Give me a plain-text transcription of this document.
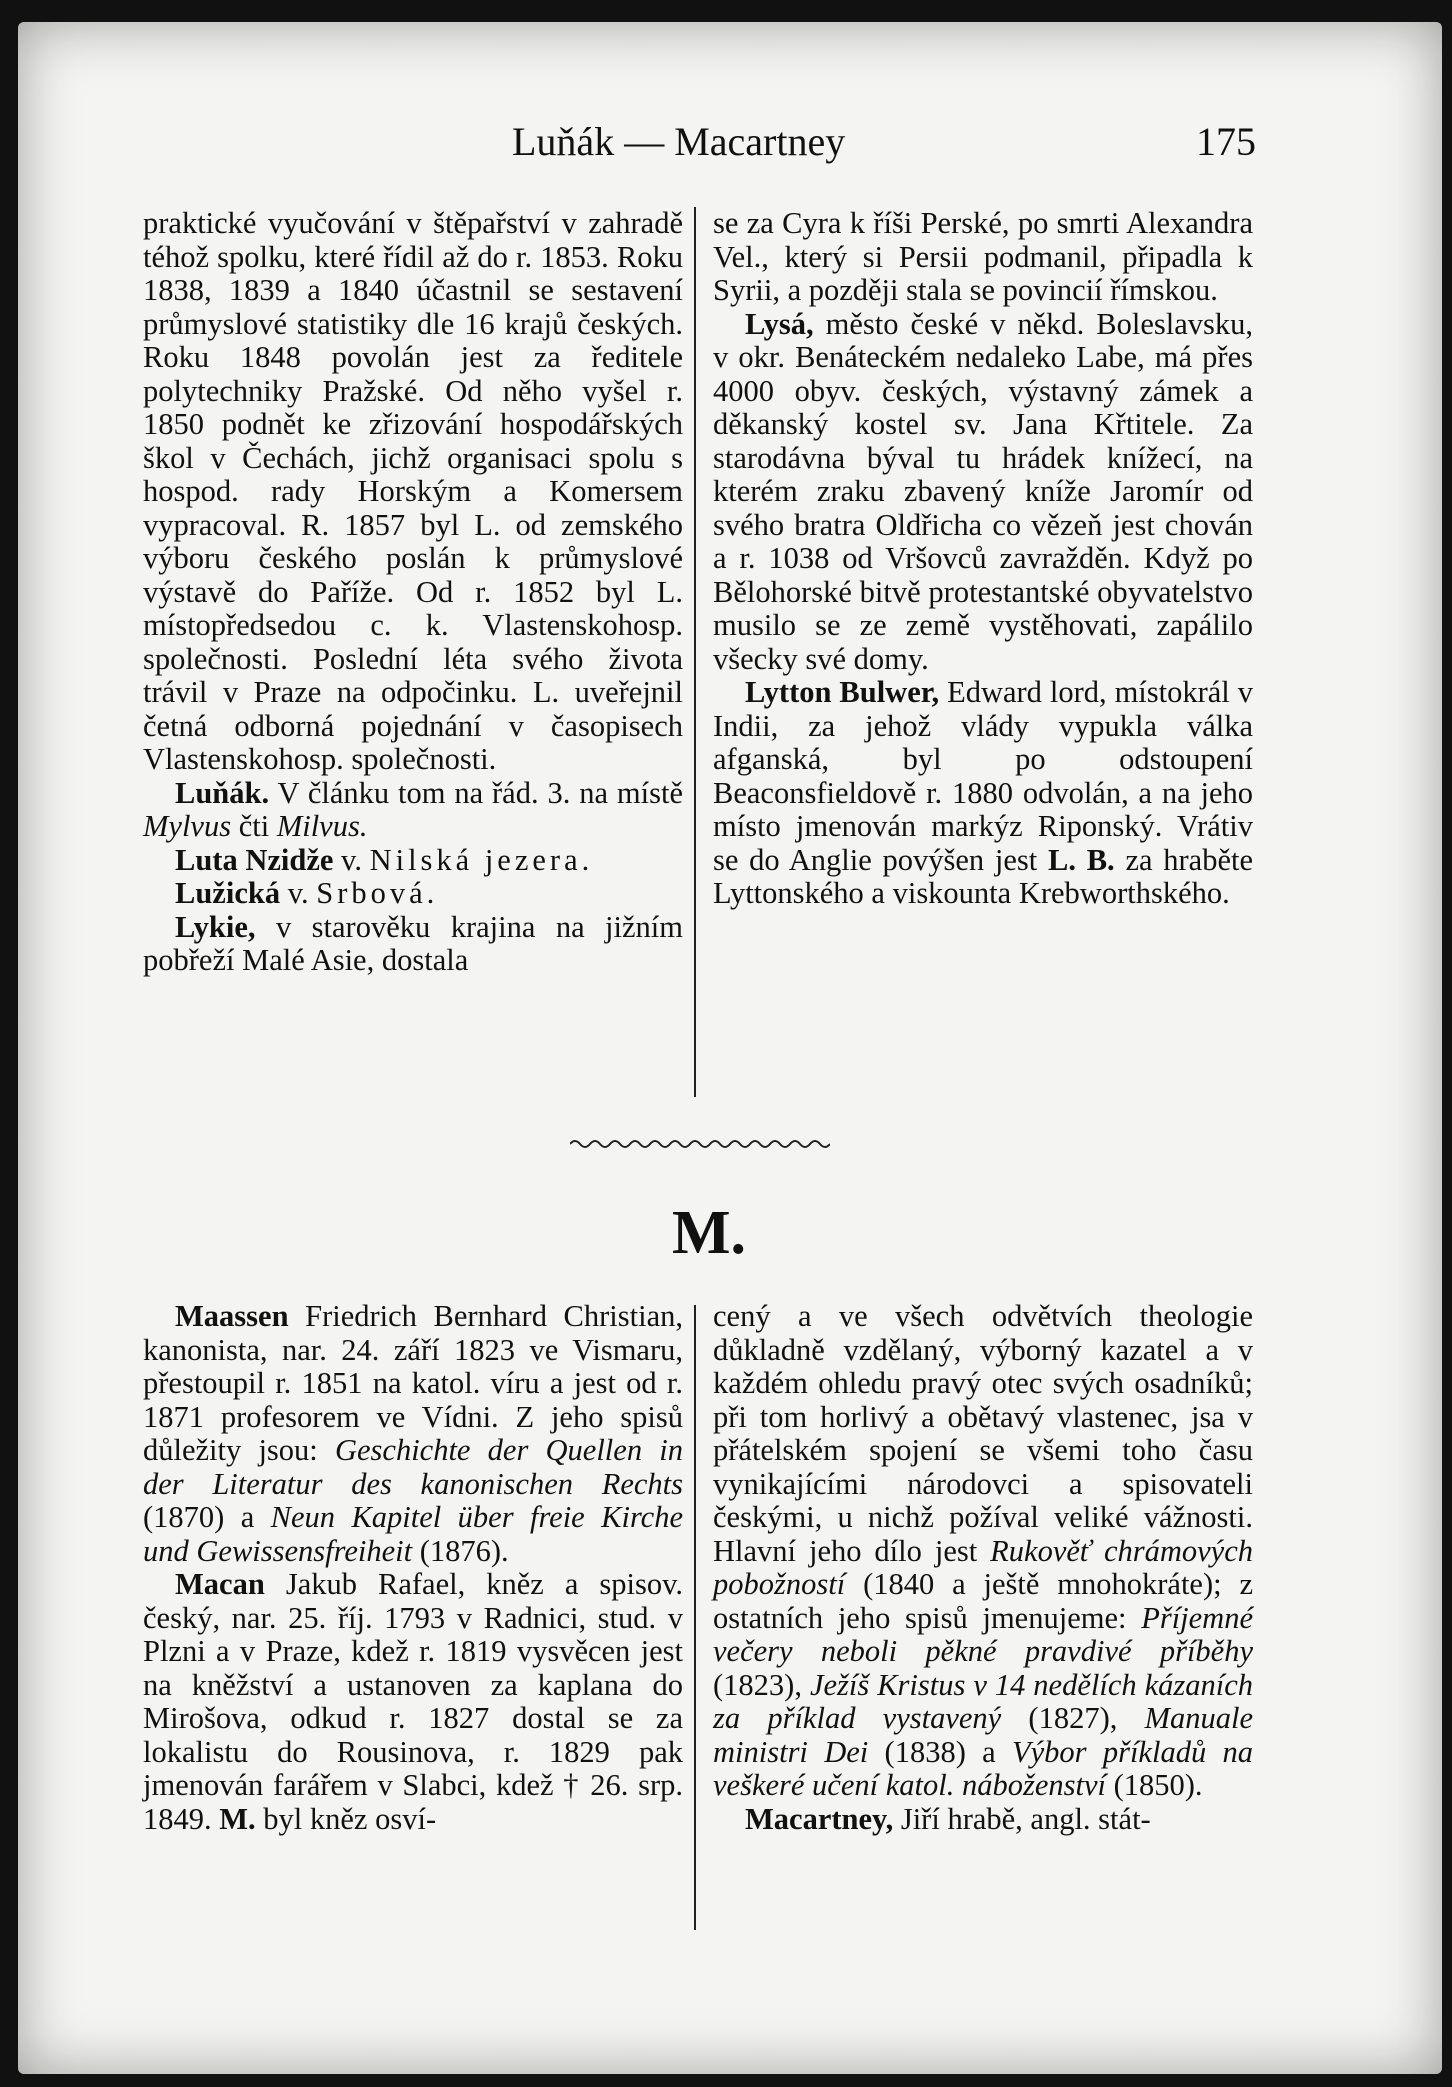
Luňák — Macartney	175

praktické vyučování v štěpařství v zahradě téhož spolku, které řídil až do r. 1853. Roku 1838, 1839 a 1840 účastnil se sestavení průmyslové statistiky dle 16 krajů českých. Roku 1848 povolán jest za ředitele polytechniky Pražské. Od něho vyšel r. 1850 podnět ke zřizování hospodářských škol v Čechách, jichž organisaci spolu s hospod. rady Horským a Komersem vypracoval. R. 1857 byl L. od zemského výboru českého poslán k průmyslové výstavě do Paříže. Od r. 1852 byl L. místopředsedou c. k. Vlastenskohosp. společnosti. Poslední léta svého života trávil v Praze na odpočinku. L. uveřejnil četná odborná pojednání v časopisech Vlastenskohosp. společnosti.

Luňák. V článku tom na řád. 3. na místě Mylvus čti Milvus.

Luta Nzidže v. Nilská jezera.

Lužická v. Srbová.

Lykie, v starověku krajina na jižním pobřeží Malé Asie, dostala

se za Cyra k říši Perské, po smrti Alexandra Vel., který si Persii podmanil, připadla k Syrii, a později stala se povincií římskou.

Lysá, město české v někd. Boleslavsku, v okr. Benáteckém nedaleko Labe, má přes 4000 obyv. českých, výstavný zámek a děkanský kostel sv. Jana Křtitele. Za starodávna býval tu hrádek knížecí, na kterém zraku zbavený kníže Jaromír od svého bratra Oldřicha co vězeň jest chován a r. 1038 od Vršovců zavražděn. Když po Bělohorské bitvě protestantské obyvatelstvo musilo se ze země vystěhovati, zapálilo všecky své domy.

Lytton Bulwer, Edward lord, místokrál v Indii, za jehož vlády vypukla válka afganská, byl po odstoupení Beaconsfieldově r. 1880 odvolán, a na jeho místo jmenován markýz Riponský. Vrátiv se do Anglie povýšen jest L. B. za hraběte Lyttonského a viskounta Krebworthského.

M.

Maassen Friedrich Bernhard Christian, kanonista, nar. 24. září 1823 ve Vismaru, přestoupil r. 1851 na katol. víru a jest od r. 1871 profesorem ve Vídni. Z jeho spisů důležity jsou: Geschichte der Quellen in der Literatur des kanonischen Rechts (1870) a Neun Kapitel über freie Kirche und Gewissensfreiheit (1876).

Macan Jakub Rafael, kněz a spisov. český, nar. 25. říj. 1793 v Radnici, stud. v Plzni a v Praze, kdež r. 1819 vysvěcen jest na kněžství a ustanoven za kaplana do Mirošova, odkud r. 1827 dostal se za lokalistu do Rousinova, r. 1829 pak jmenován farářem v Slabci, kdež † 26. srp. 1849. M. byl kněz osví-

cený a ve všech odvětvích theologie důkladně vzdělaný, výborný kazatel a v každém ohledu pravý otec svých osadníků; při tom horlivý a obětavý vlastenec, jsa v přátelském spojení se všemi toho času vynikajícími národovci a spisovateli českými, u nichž požíval veliké vážnosti. Hlavní jeho dílo jest Rukověť chrámových pobožností (1840 a ještě mnohokráte); z ostatních jeho spisů jmenujeme: Příjemné večery neboli pěkné pravdivé příběhy (1823), Ježíš Kristus v 14 nedělích kázaních za příklad vystavený (1827), Manuale ministri Dei (1838) a Výbor příkladů na veškeré učení katol. náboženství (1850).

Macartney, Jiří hrabě, angl. stát-
